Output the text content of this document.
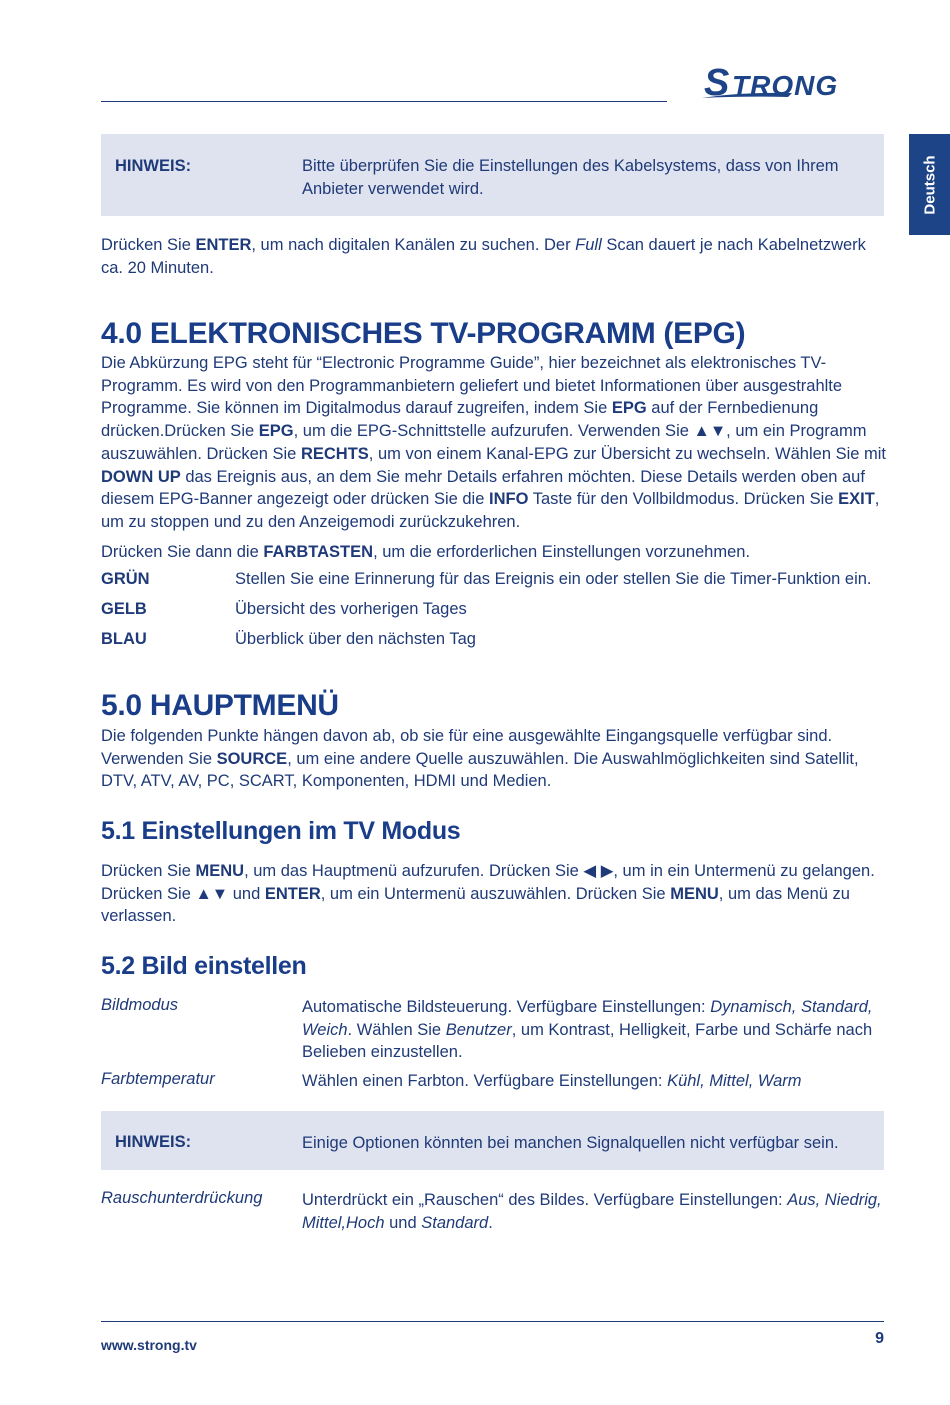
S TRONG
Deutsch
HINWEIS:	Bitte überprüfen Sie die Einstellungen des Kabelsystems, dass von Ihrem Anbieter verwendet wird.
Drücken Sie ENTER, um nach digitalen Kanälen zu suchen. Der Full Scan dauert je nach Kabelnetzwerk ca. 20 Minuten.
4.0 ELEKTRONISCHES TV-PROGRAMM (EPG)
Die Abkürzung EPG steht für “Electronic Programme Guide”, hier bezeichnet als elektronisches TV-Programm. Es wird von den Programmanbietern geliefert und bietet Informationen über ausgestrahlte Programme. Sie können im Digitalmodus darauf zugreifen, indem Sie EPG auf der Fernbedienung drücken.Drücken Sie EPG, um die EPG-Schnittstelle aufzurufen. Verwenden Sie ▲▼, um ein Programm auszuwählen. Drücken Sie RECHTS, um von einem Kanal-EPG zur Übersicht zu wechseln. Wählen Sie mit DOWN UP das Ereignis aus, an dem Sie mehr Details erfahren möchten. Diese Details werden oben auf diesem EPG-Banner angezeigt oder drücken Sie die INFO Taste für den Vollbildmodus. Drücken Sie EXIT, um zu stoppen und zu den Anzeigemodi zurückzukehren.
Drücken Sie dann die FARBTASTEN, um die erforderlichen Einstellungen vorzunehmen.
GRÜN	Stellen Sie eine Erinnerung für das Ereignis ein oder stellen Sie die Timer-Funktion ein.
GELB	Übersicht des vorherigen Tages
BLAU	Überblick über den nächsten Tag
5.0 HAUPTMENÜ
Die folgenden Punkte hängen davon ab, ob sie für eine ausgewählte Eingangsquelle verfügbar sind. Verwenden Sie SOURCE, um eine andere Quelle auszuwählen. Die Auswahlmöglichkeiten sind Satellit, DTV, ATV, AV, PC, SCART, Komponenten, HDMI und Medien.
5.1 Einstellungen im TV Modus
Drücken Sie MENU, um das Hauptmenü aufzurufen. Drücken Sie ◀ ▶, um in ein Untermenü zu gelangen. Drücken Sie ▲▼ und ENTER, um ein Untermenü auszuwählen. Drücken Sie MENU, um das Menü zu verlassen.
5.2 Bild einstellen
Bildmodus	Automatische Bildsteuerung. Verfügbare Einstellungen: Dynamisch, Standard, Weich. Wählen Sie Benutzer, um Kontrast, Helligkeit, Farbe und Schärfe nach Belieben einzustellen.
Farbtemperatur	Wählen einen Farbton. Verfügbare Einstellungen: Kühl, Mittel, Warm
HINWEIS:	Einige Optionen könnten bei manchen Signalquellen nicht verfügbar sein.
Rauschunterdrückung Unterdrückt ein „Rauschen“ des Bildes. Verfügbare Einstellungen: Aus, Niedrig, Mittel,Hoch und Standard.
www.strong.tv	9
